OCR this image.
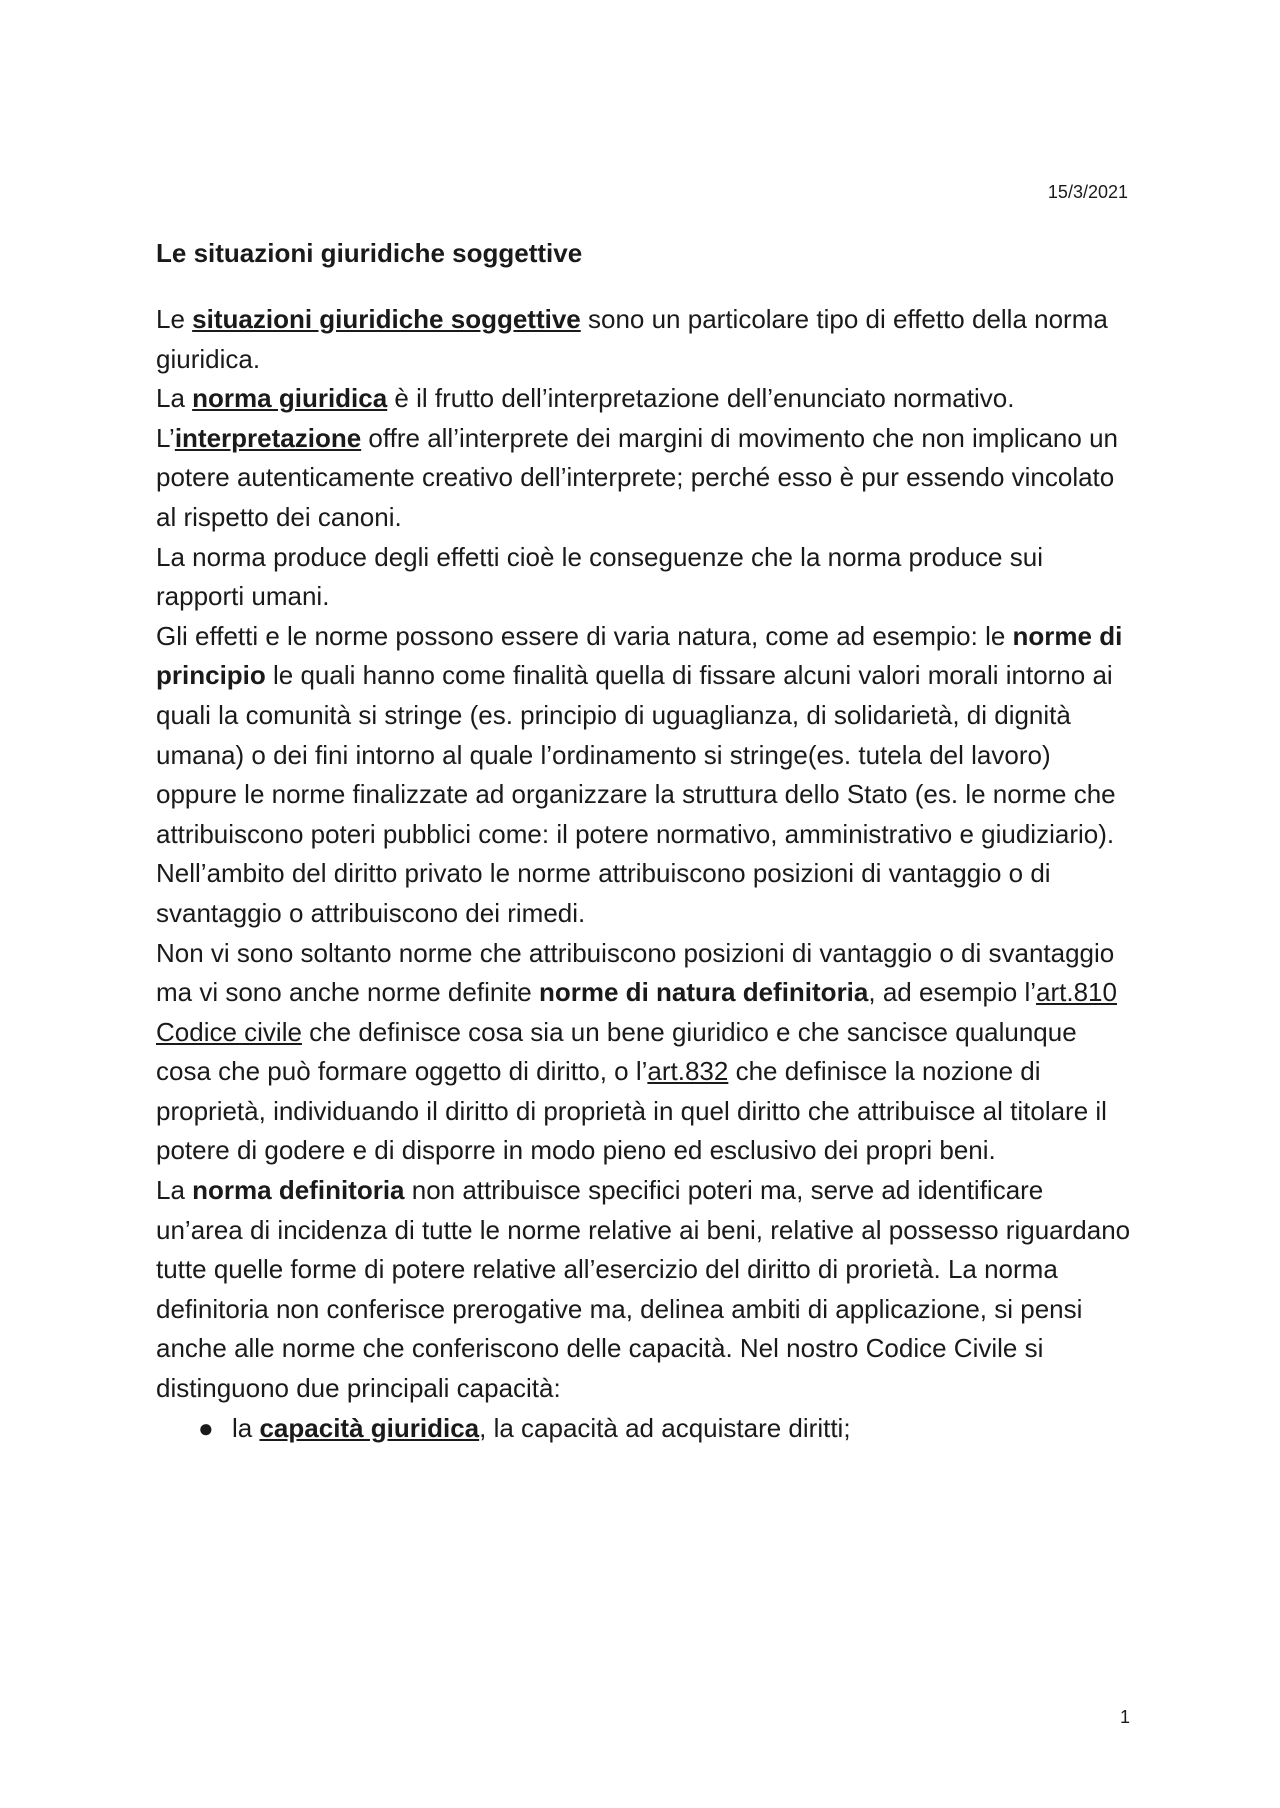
15/3/2021
Le situazioni giuridiche soggettive

Le situazioni giuridiche soggettive sono un particolare tipo di effetto della norma giuridica.

La norma giuridica è il frutto dell’interpretazione dell’enunciato normativo.

L’interpretazione offre all’interprete dei margini di movimento che non implicano un potere autenticamente creativo dell’interprete; perché esso è pur essendo vincolato al rispetto dei canoni.

La norma produce degli effetti cioè le conseguenze che la norma produce sui rapporti umani.

Gli effetti e le norme possono essere di varia natura, come ad esempio: le norme di principio le quali hanno come finalità quella di fissare alcuni valori morali intorno ai quali la comunità si stringe (es. principio di uguaglianza, di solidarietà, di dignità umana) o dei fini intorno al quale l’ordinamento si stringe(es. tutela del lavoro) oppure le norme finalizzate ad organizzare la struttura dello Stato (es. le norme che attribuiscono poteri pubblici come: il potere normativo, amministrativo e giudiziario).

Nell’ambito del diritto privato le norme attribuiscono posizioni di vantaggio o di svantaggio o attribuiscono dei rimedi.

Non vi sono soltanto norme che attribuiscono posizioni di vantaggio o di svantaggio ma vi sono anche norme definite norme di natura definitoria, ad esempio l’art.810 Codice civile che definisce cosa sia un bene giuridico e che sancisce qualunque cosa che può formare oggetto di diritto, o l’art.832 che definisce la nozione di proprietà, individuando il diritto di proprietà in quel diritto che attribuisce al titolare il potere di godere e di disporre in modo pieno ed esclusivo dei propri beni.

La norma definitoria non attribuisce specifici poteri ma, serve ad identificare un’area di incidenza di tutte le norme relative ai beni, relative al possesso riguardano tutte quelle forme di potere relative all’esercizio del diritto di prorietà. La norma definitoria non conferisce prerogative ma, delinea ambiti di applicazione, si pensi anche alle norme che conferiscono delle capacità. Nel nostro Codice Civile si distinguono due principali capacità:

● la capacità giuridica, la capacità ad acquistare diritti;
1
